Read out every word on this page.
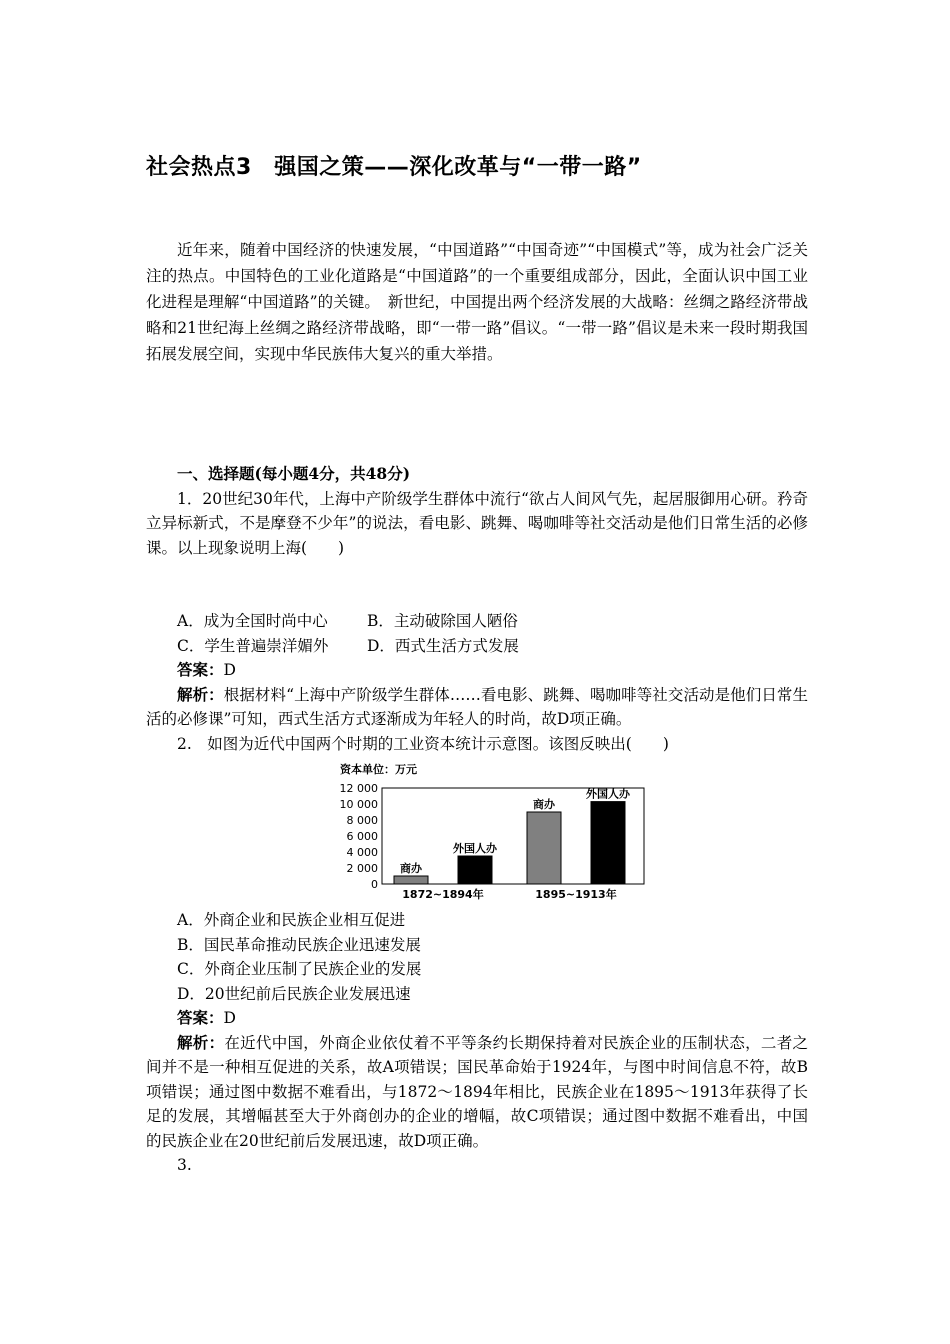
社会热点3　强国之策——深化改革与“一带一路”
近年来，随着中国经济的快速发展，“中国道路”“中国奇迹”“中国模式”等，成为社会广泛关注的热点。中国特色的工业化道路是“中国道路”的一个重要组成部分，因此，全面认识中国工业化进程是理解“中国道路”的关键。　新世纪，中国提出两个经济发展的大战略：丝绸之路经济带战略和21世纪海上丝绸之路经济带战略，即“一带一路”倡议。“一带一路”倡议是未来一段时期我国拓展发展空间，实现中华民族伟大复兴的重大举措。
一、选择题(每小题4分，共48分)
1．20世纪30年代，上海中产阶级学生群体中流行“欲占人间风气先，起居服御用心研。矜奇立异标新式，不是摩登不少年”的说法，看电影、跳舞、喝咖啡等社交活动是他们日常生活的必修课。以上现象说明上海(　　)
A．成为全国时尚中心	B．主动破除国人陋俗
C．学生普遍崇洋媚外 D．西式生活方式发展
答案：D
解析：根据材料“上海中产阶级学生群体……看电影、跳舞、喝咖啡等社交活动是他们日常生活的必修课”可知，西式生活方式逐渐成为年轻人的时尚，故D项正确。
2.　如图为近代中国两个时期的工业资本统计示意图。该图反映出(　　)
资本单位：万元
12 000
10 000
8 000
6 000
4 000
2 000
0
商办
外国人办
1872~1894年
商办
外国人办
1895~1913年
A．外商企业和民族企业相互促进
B．国民革命推动民族企业迅速发展
C．外商企业压制了民族企业的发展
D．20世纪前后民族企业发展迅速
答案：D
解析：在近代中国，外商企业依仗着不平等条约长期保持着对民族企业的压制状态，二者之间并不是一种相互促进的关系，故A项错误；国民革命始于1924年，与图中时间信息不符，故B项错误；通过图中数据不难看出，与1872～1894年相比，民族企业在1895～1913年获得了长足的发展，其增幅甚至大于外商创办的企业的增幅，故C项错误；通过图中数据不难看出，中国的民族企业在20世纪前后发展迅速，故D项正确。
3.
